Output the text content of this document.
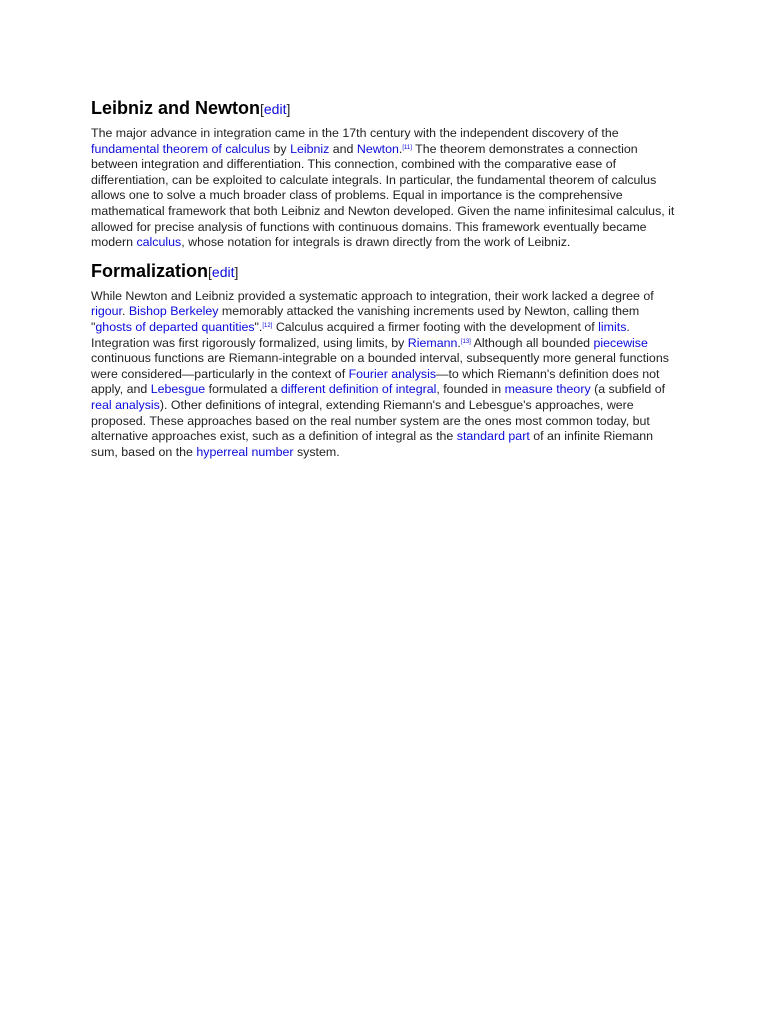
Leibniz and Newton[edit]

The major advance in integration came in the 17th century with the independent discovery of the fundamental theorem of calculus by Leibniz and Newton.[11] The theorem demonstrates a connection between integration and differentiation. This connection, combined with the comparative ease of differentiation, can be exploited to calculate integrals. In particular, the fundamental theorem of calculus allows one to solve a much broader class of problems. Equal in importance is the comprehensive mathematical framework that both Leibniz and Newton developed. Given the name infinitesimal calculus, it allowed for precise analysis of functions with continuous domains. This framework eventually became modern calculus, whose notation for integrals is drawn directly from the work of Leibniz.

Formalization[edit]

While Newton and Leibniz provided a systematic approach to integration, their work lacked a degree of rigour. Bishop Berkeley memorably attacked the vanishing increments used by Newton, calling them "ghosts of departed quantities".[12] Calculus acquired a firmer footing with the development of limits. Integration was first rigorously formalized, using limits, by Riemann.[13] Although all bounded piecewise continuous functions are Riemann-integrable on a bounded interval, subsequently more general functions were considered—particularly in the context of Fourier analysis—to which Riemann's definition does not apply, and Lebesgue formulated a different definition of integral, founded in measure theory (a subfield of real analysis). Other definitions of integral, extending Riemann's and Lebesgue's approaches, were proposed. These approaches based on the real number system are the ones most common today, but alternative approaches exist, such as a definition of integral as the standard part of an infinite Riemann sum, based on the hyperreal number system.
